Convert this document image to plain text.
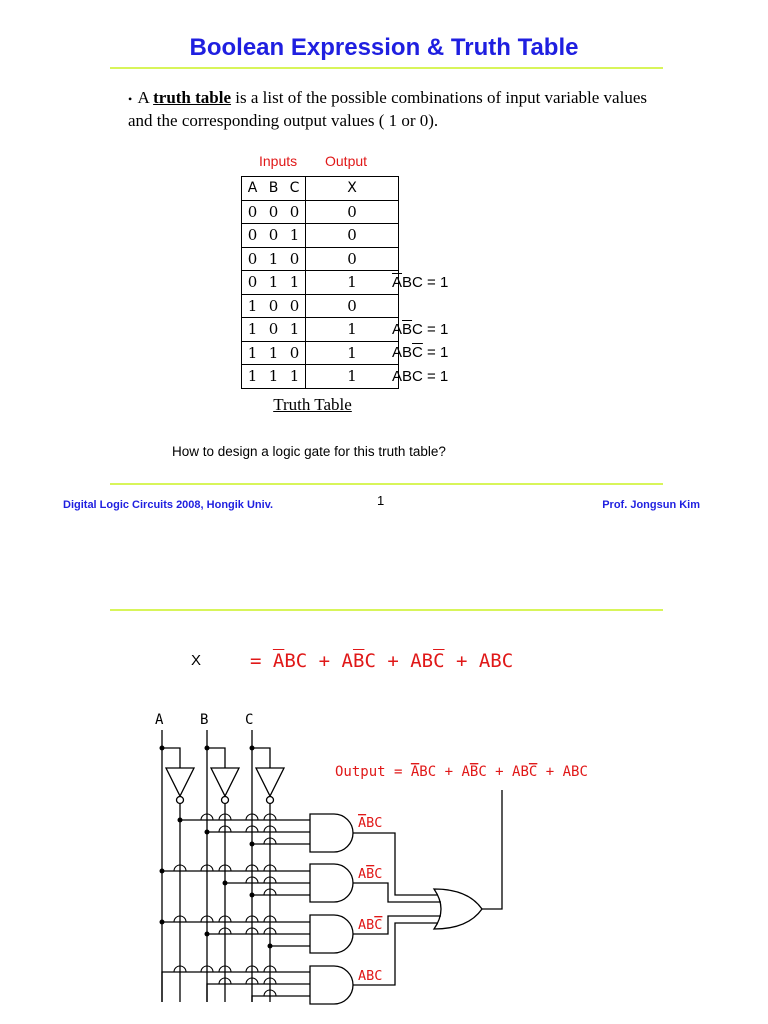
Boolean Expression & Truth Table
• A truth table is a list of the possible combinations of input variable values and the corresponding output values ( 1 or 0).
Inputs Output
A	B	C	X
0	0	0	0
0	0	1	0
0	1	0	0
0	1	1	1
1	0	0	0
1	0	1	1
1	1	0	1
1	1	1	1
Truth Table
How to design a logic gate for this truth table?
Digital Logic Circuits 2008, Hongik Univ.	1	Prof. Jongsun Kim
X	= $\overline{A}BC + A\overline{B}C + AB\overline{C}$ + ABC
A	B	C
Output = ABC + ABC + ABC + ABC
ABC
ABC
ABC
ABC
$\overline{A}BC = 1$
$A\overline{B}C = 1$
$AB\overline{C} = 1$
ABC = 1
